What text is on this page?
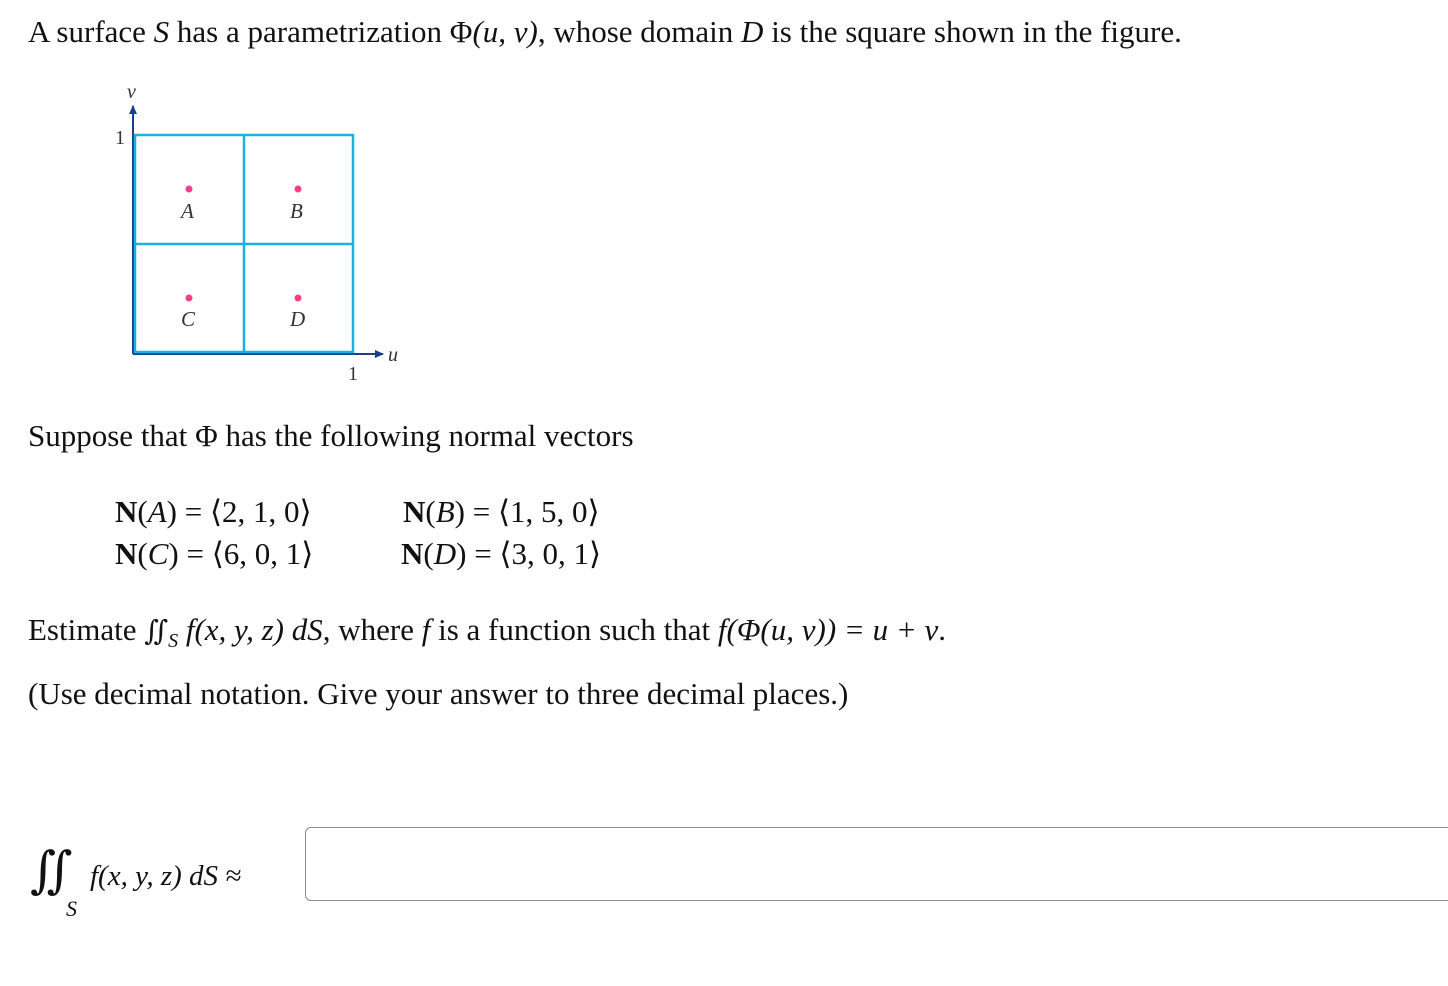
A surface S has a parametrization Φ(u, v), whose domain D is the square shown in the figure.
v
1
u
1
A	B
C	D
Suppose that Φ has the following normal vectors
N(A) = ⟨2, 1, 0⟩	N(B) = ⟨1, 5, 0⟩
N(C) = ⟨6, 0, 1⟩	N(D) = ⟨3, 0, 1⟩
Estimate $∬_S$ f(x, y, z) dS, where f is a function such that f(Φ(u, v)) = u + v.
(Use decimal notation. Give your answer to three decimal places.)
∬
S
f(x, y, z) dS ≈
